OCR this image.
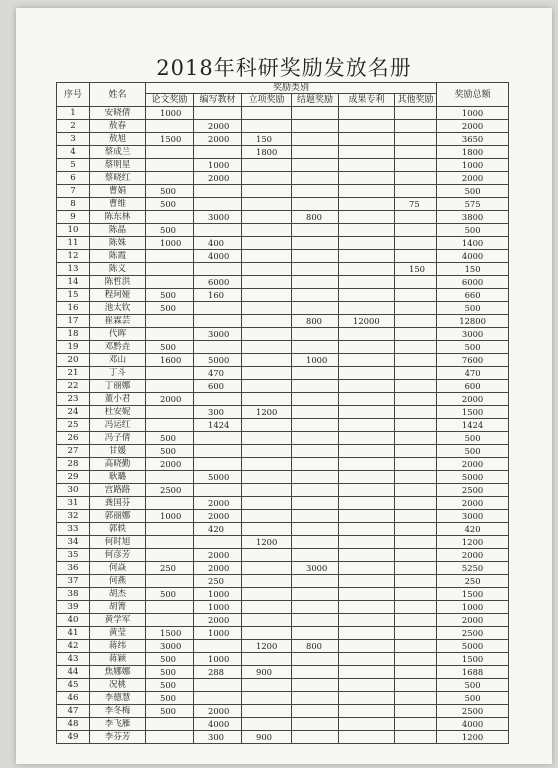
2018年科研奖励发放名册
序号	姓名	奖励类别						奖励总额
		论文奖励	编写教材	立项奖励	结题奖励	成果专利	其他奖励	
1	安晓倩	1000						1000
2	敖春		2000					2000
3	敖旭	1500	2000	150				3650
4	蔡成兰			1800				1800
5	蔡明星		1000					1000
6	蔡晓红		2000					2000
7	曹娟	500						500
8	曹维	500					75	575
9	陈东林		3000		800			3800
10	陈晶	500						500
11	陈姝	1000	400					1400
12	陈霞		4000					4000
13	陈义						150	150
14	陈哲洪		6000					6000
15	程珂娅	500	160					660
16	池太钦	500						500
17	崔霖芸				800	12000		12800
18	代晖		3000					3000
19	邓黔垚	500						500
20	邓山	1600	5000		1000			7600
21	丁斗		470					470
22	丁丽娜		600					600
23	董小君	2000						2000
24	杜安妮		300	1200				1500
25	冯运红		1424					1424
26	冯子倩	500						500
27	甘媛	500						500
28	高晓勤	2000						2000
29	耿璐		5000					5000
30	宫路路	2500						2500
31	龚国芬		2000					2000
32	郭丽娜	1000	2000					3000
33	郭轶		420					420
34	何时旭			1200				1200
35	何彦芳		2000					2000
36	何焱	250	2000		3000			5250
37	何燕		250					250
38	胡杰	500	1000					1500
39	胡箐		1000					1000
40	黄学军		2000					2000
41	黄莹	1500	1000					2500
42	蒋纬	3000		1200	800			5000
43	蒋颖	500	1000					1500
44	焦娜娜	500	288	900				1688
45	况桃	500						500
46	李德慧	500						500
47	李冬梅	500	2000					2500
48	李飞雁		4000					4000
49	李芬芳		300	900				1200
